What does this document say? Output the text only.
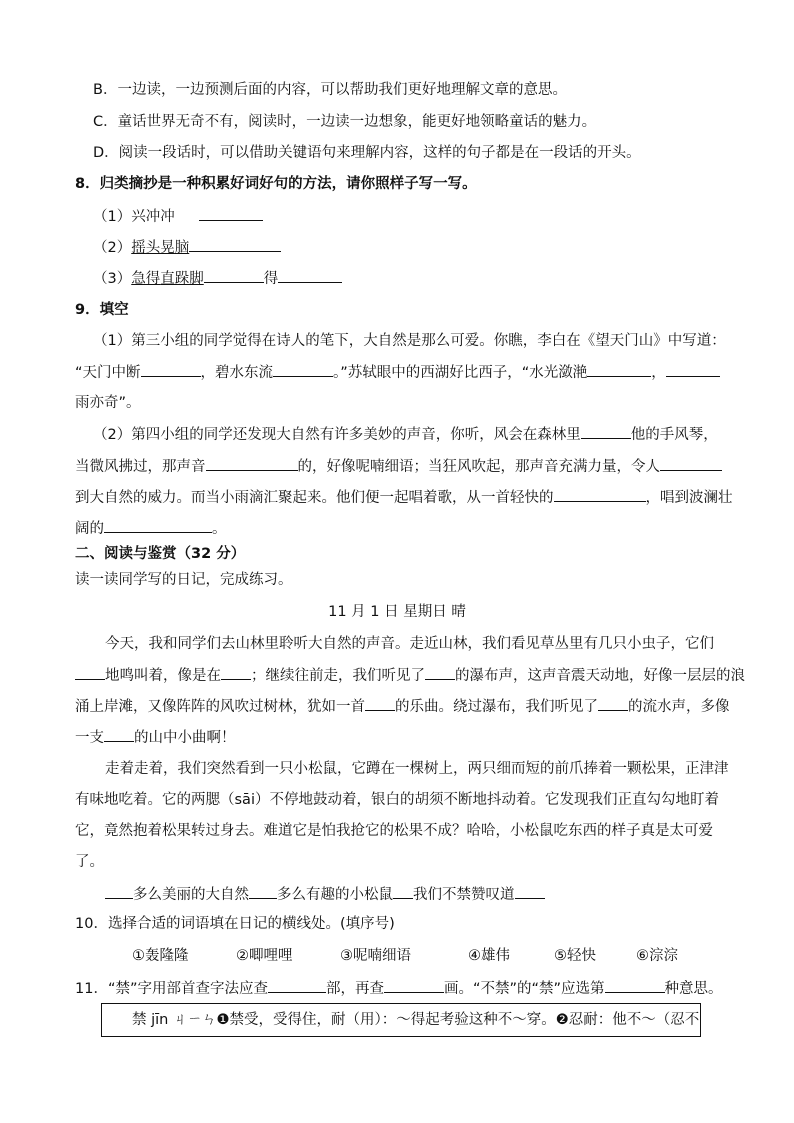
B．一边读，一边预测后面的内容，可以帮助我们更好地理解文章的意思。
C．童话世界无奇不有，阅读时，一边读一边想象，能更好地领略童话的魅力。
D．阅读一段话时，可以借助关键语句来理解内容，这样的句子都是在一段话的开头。
8．归类摘抄是一种积累好词好句的方法，请你照样子写一写。
（1）兴冲冲
（2）摇头晃脑
（3）急得直跺脚	得
9．填空
（1）第三小组的同学觉得在诗人的笔下，大自然是那么可爱。你瞧，李白在《望天门山》中写道：
“天门中断	，碧水东流	。”苏轼眼中的西湖好比西子，“水光潋滟	，
雨亦奇”。
（2）第四小组的同学还发现大自然有许多美妙的声音，你听，风会在森林里	他的手风琴，
当微风拂过，那声音	的，好像呢喃细语；当狂风吹起，那声音充满力量，令人
到大自然的威力。而当小雨滴汇聚起来。他们便一起唱着歌，从一首轻快的	，唱到波澜壮
阔的	。
二、阅读与鉴赏（32 分）
读一读同学写的日记，完成练习。
11 月 1 日 星期日 晴
今天，我和同学们去山林里聆听大自然的声音。走近山林，我们看见草丛里有几只小虫子，它们
地鸣叫着，像是在 ；继续往前走，我们听见了 的瀑布声，这声音震天动地，好像一层层的浪
涌上岸滩，又像阵阵的风吹过树林，犹如一首 的乐曲。绕过瀑布，我们听见了 的流水声，多像
一支 的山中小曲啊！
走着走着，我们突然看到一只小松鼠，它蹲在一棵树上，两只细而短的前爪捧着一颗松果，正津津
有味地吃着。它的两腮（sāi）不停地鼓动着，银白的胡须不断地抖动着。它发现我们正直勾勾地盯着
它，竟然抱着松果转过身去。难道它是怕我抢它的松果不成？哈哈，小松鼠吃东西的样子真是太可爱
了。
多么美丽的大自然 多么有趣的小松鼠 我们不禁赞叹道
10．选择合适的词语填在日记的横线处。(填序号)
①轰隆隆	②唧哩哩	③呢喃细语	④雄伟	⑤轻快	⑥淙淙
11．“禁”字用部首查字法应查	部，再查	画。“不禁”的“禁”应选第	种意思。
禁 jīn ㄐㄧㄣ❶禁受，受得住，耐（用）：～得起考验这种不～穿。❷忍耐：他不～（忍不
